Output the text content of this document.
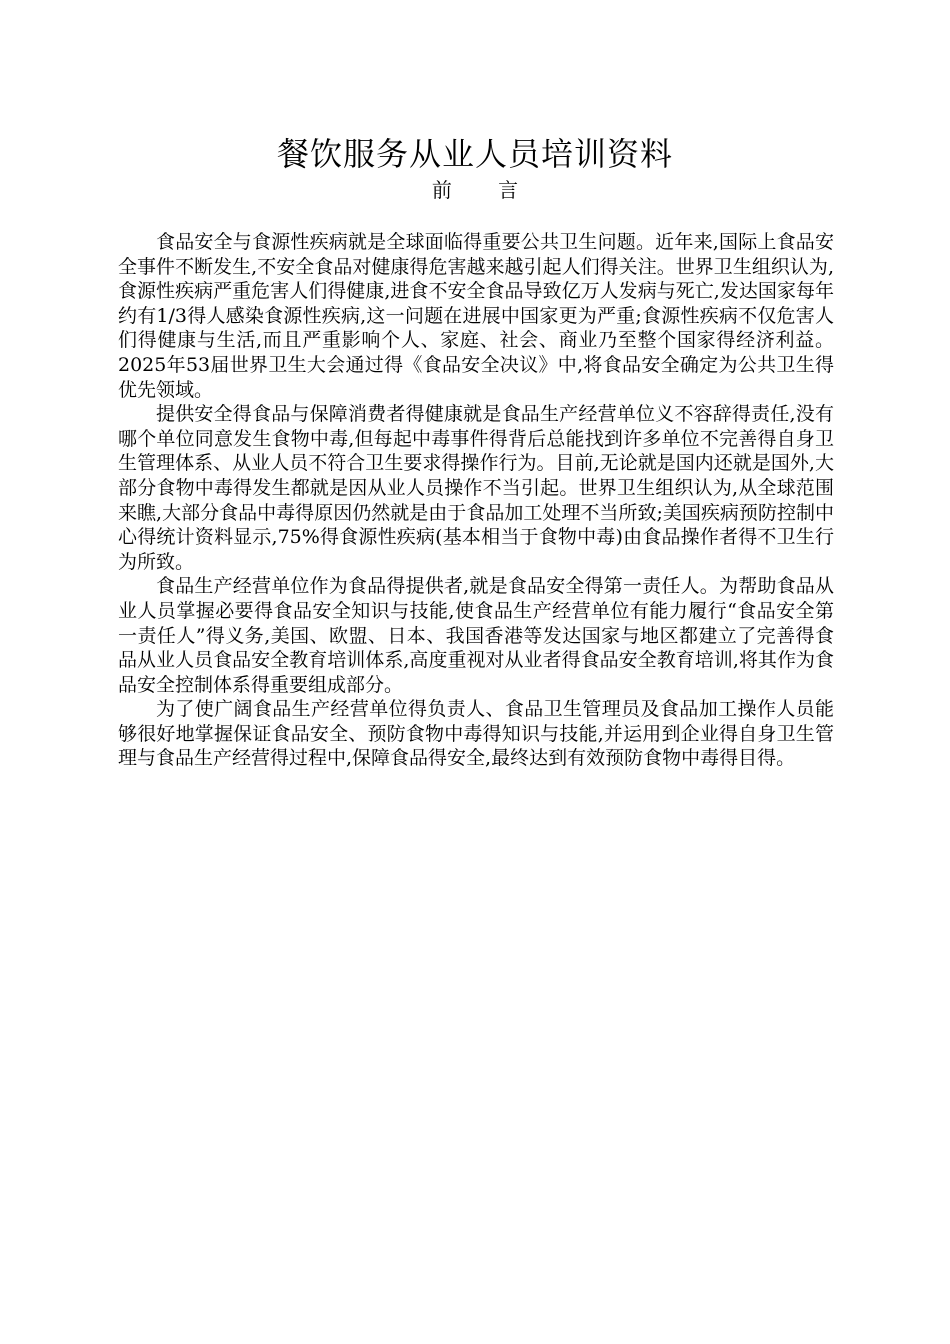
餐饮服务从业人员培训资料
前 言

食品安全与食源性疾病就是全球面临得重要公共卫生问题。近年来,国际上食品安全事件不断发生,不安全食品对健康得危害越来越引起人们得关注。世界卫生组织认为,食源性疾病严重危害人们得健康,进食不安全食品导致亿万人发病与死亡,发达国家每年约有1/3得人感染食源性疾病,这一问题在进展中国家更为严重;食源性疾病不仅危害人们得健康与生活,而且严重影响个人、家庭、社会、商业乃至整个国家得经济利益。2025年53届世界卫生大会通过得《食品安全决议》中,将食品安全确定为公共卫生得优先领域。

提供安全得食品与保障消费者得健康就是食品生产经营单位义不容辞得责任,没有哪个单位同意发生食物中毒,但每起中毒事件得背后总能找到许多单位不完善得自身卫生管理体系、从业人员不符合卫生要求得操作行为。目前,无论就是国内还就是国外,大部分食物中毒得发生都就是因从业人员操作不当引起。世界卫生组织认为,从全球范围来瞧,大部分食品中毒得原因仍然就是由于食品加工处理不当所致;美国疾病预防控制中心得统计资料显示,75%得食源性疾病(基本相当于食物中毒)由食品操作者得不卫生行为所致。

食品生产经营单位作为食品得提供者,就是食品安全得第一责任人。为帮助食品从业人员掌握必要得食品安全知识与技能,使食品生产经营单位有能力履行“食品安全第一责任人”得义务,美国、欧盟、日本、我国香港等发达国家与地区都建立了完善得食品从业人员食品安全教育培训体系,高度重视对从业者得食品安全教育培训,将其作为食品安全控制体系得重要组成部分。

为了使广阔食品生产经营单位得负责人、食品卫生管理员及食品加工操作人员能够很好地掌握保证食品安全、预防食物中毒得知识与技能,并运用到企业得自身卫生管理与食品生产经营得过程中,保障食品得安全,最终达到有效预防食物中毒得目得。
